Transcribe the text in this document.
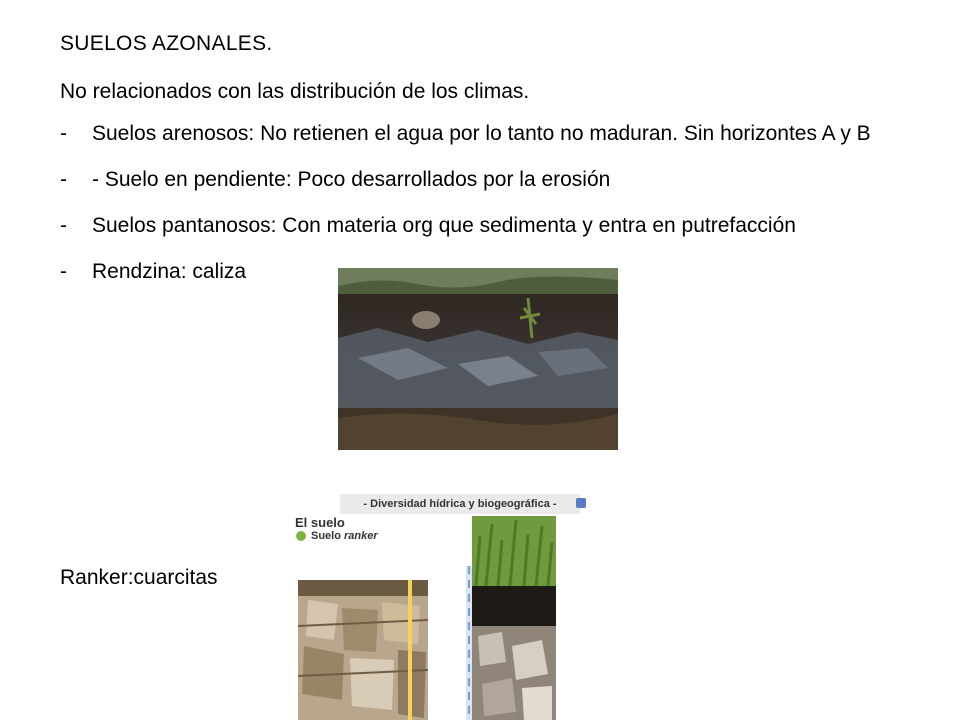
SUELOS AZONALES.
No relacionados con las distribución de los climas.
- Suelos arenosos: No retienen el agua por lo tanto no maduran. Sin horizontes A y B
- - Suelo en pendiente: Poco desarrollados por la erosión
- Suelos pantanosos: Con materia org que sedimenta y entra en putrefacción
- Rendzina: caliza
Ranker:cuarcitas
- Diversidad hídrica y biogeográfica -
El suelo
Suelo ranker
